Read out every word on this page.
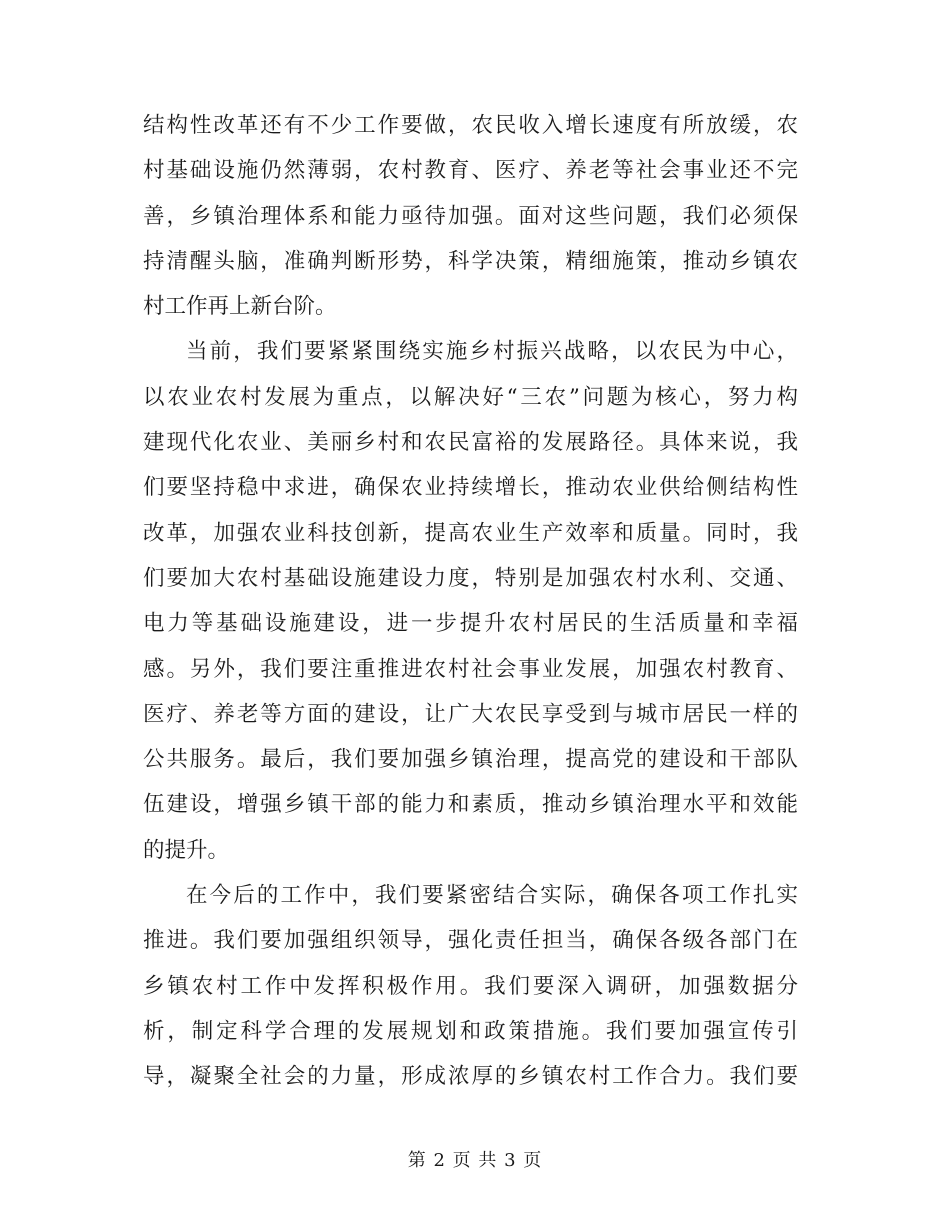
结构性改革还有不少工作要做，农民收入增长速度有所放缓，农
村基础设施仍然薄弱，农村教育、医疗、养老等社会事业还不完
善，乡镇治理体系和能力亟待加强。面对这些问题，我们必须保
持清醒头脑，准确判断形势，科学决策，精细施策，推动乡镇农
村工作再上新台阶。
当前，我们要紧紧围绕实施乡村振兴战略，以农民为中心，
以农业农村发展为重点，以解决好“三农”问题为核心，努力构
建现代化农业、美丽乡村和农民富裕的发展路径。具体来说，我
们要坚持稳中求进，确保农业持续增长，推动农业供给侧结构性
改革，加强农业科技创新，提高农业生产效率和质量。同时，我
们要加大农村基础设施建设力度，特别是加强农村水利、交通、
电力等基础设施建设，进一步提升农村居民的生活质量和幸福
感。另外，我们要注重推进农村社会事业发展，加强农村教育、
医疗、养老等方面的建设，让广大农民享受到与城市居民一样的
公共服务。最后，我们要加强乡镇治理，提高党的建设和干部队
伍建设，增强乡镇干部的能力和素质，推动乡镇治理水平和效能
的提升。
在今后的工作中，我们要紧密结合实际，确保各项工作扎实
推进。我们要加强组织领导，强化责任担当，确保各级各部门在
乡镇农村工作中发挥积极作用。我们要深入调研，加强数据分
析，制定科学合理的发展规划和政策措施。我们要加强宣传引
导，凝聚全社会的力量，形成浓厚的乡镇农村工作合力。我们要
第 2 页 共 3 页
